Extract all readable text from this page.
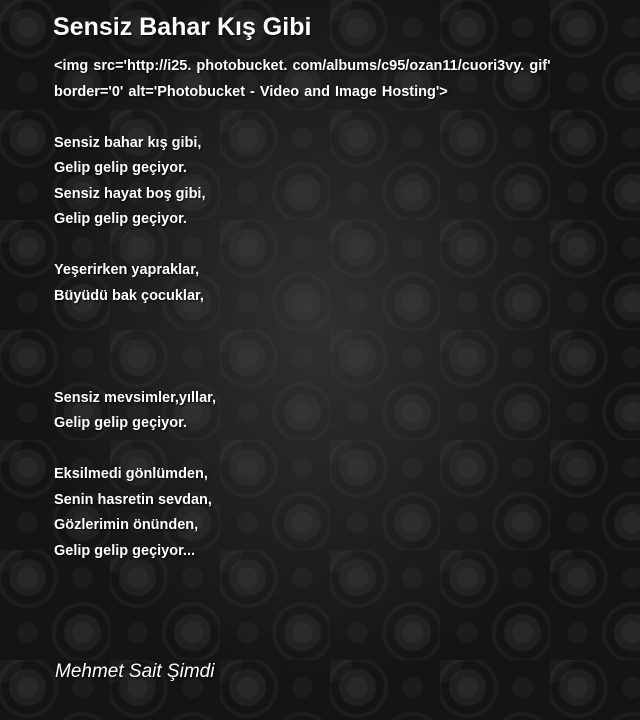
Sensiz Bahar Kış Gibi
<img src='http://i25. photobucket. com/albums/c95/ozan11/cuori3vy. gif' border='0' alt='Photobucket - Video and Image Hosting'>
Sensiz bahar kış gibi,
Gelip gelip geçiyor.
Sensiz hayat boş gibi,
Gelip gelip geçiyor.
Yeşerirken yapraklar,
Büyüdü bak çocuklar,
Sensiz mevsimler,yıllar,
Gelip gelip geçiyor.
Eksilmedi gönlümden,
Senin hasretin sevdan,
Gözlerimin önünden,
Gelip gelip geçiyor...
Mehmet Sait Şimdi
